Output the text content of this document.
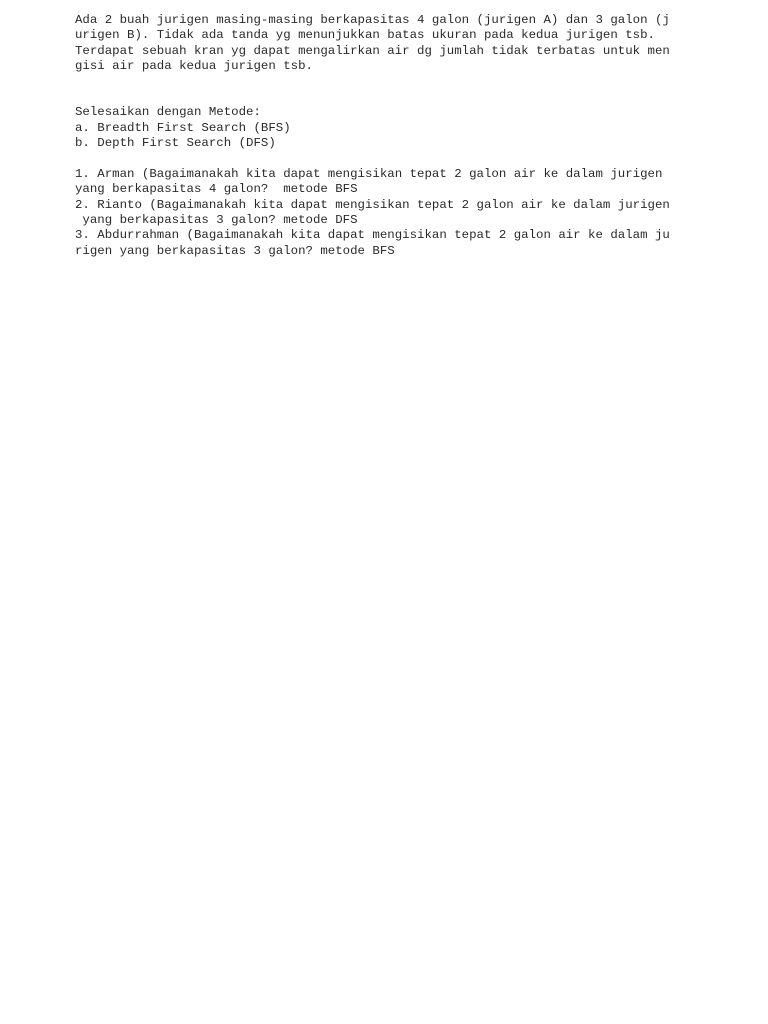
Ada 2 buah jurigen masing-masing berkapasitas 4 galon (jurigen A) dan 3 galon (j
urigen B). Tidak ada tanda yg menunjukkan batas ukuran pada kedua jurigen tsb.
Terdapat sebuah kran yg dapat mengalirkan air dg jumlah tidak terbatas untuk men
gisi air pada kedua jurigen tsb.
Selesaikan dengan Metode:
a. Breadth First Search (BFS)
b. Depth First Search (DFS)
1. Arman (Bagaimanakah kita dapat mengisikan tepat 2 galon air ke dalam jurigen
yang berkapasitas 4 galon?  metode BFS
2. Rianto (Bagaimanakah kita dapat mengisikan tepat 2 galon air ke dalam jurigen
yang berkapasitas 3 galon? metode DFS
3. Abdurrahman (Bagaimanakah kita dapat mengisikan tepat 2 galon air ke dalam ju
rigen yang berkapasitas 3 galon? metode BFS
